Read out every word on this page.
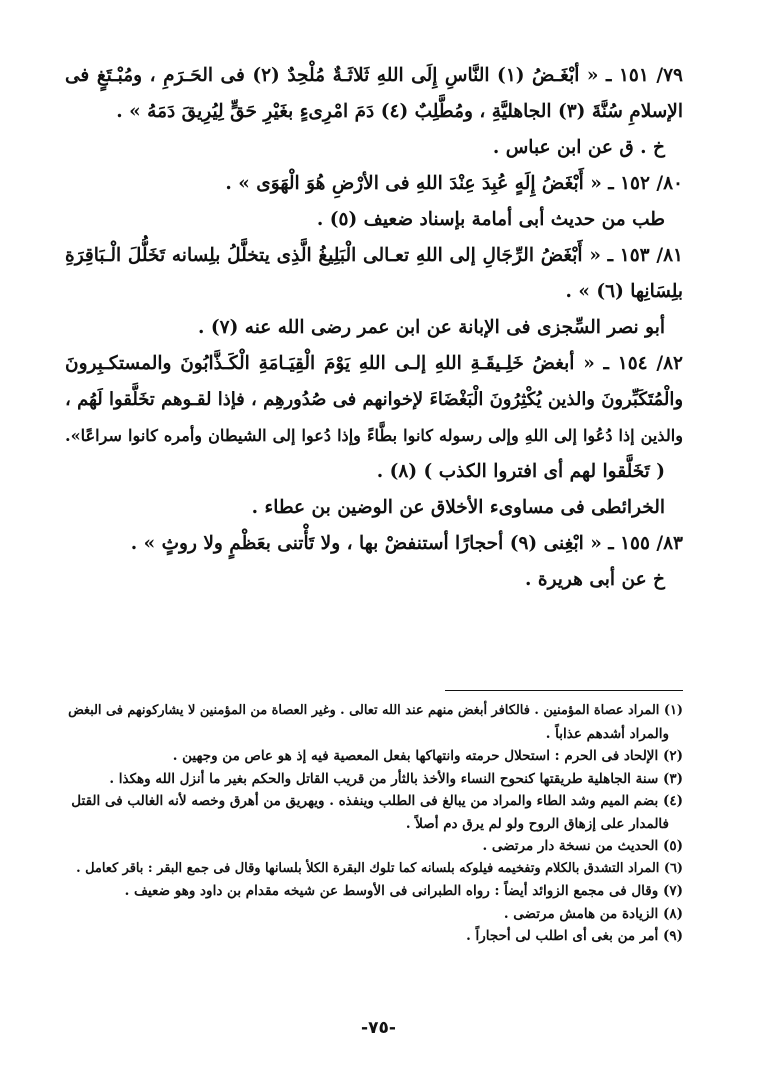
٧٩/ ١٥١ ـ « أبْغَـضُ (١) النَّاسِ إِلَى اللهِ ثَلاثَـةٌ مُلْحِدٌ (٢) فى الحَـرَمِ ، ومُبْـتَغٍ فى
الإسلامِ سُنَّةَ (٣) الجاهليَّةِ ، ومُطَّلِبٌ (٤) دَمَ امْرِىءٍ بغَيْرِ حَقٍّ لِيُرِيقَ دَمَهُ » .
خ . ق عن ابن عباس .
٨٠/ ١٥٢ ـ « أَبْغَضُ إِلَهٍ عُبِدَ عِنْدَ اللهِ فى الأرْضِ هُوَ الْهَوَى » .
طب من حديث أبى أمامة بإسناد ضعيف (٥) .
٨١/ ١٥٣ ـ « أَبْغَضُ الرِّجَالِ إلى اللهِ تعـالى الْبَلِيغُ الَّذِى يتخلَّلُ بلِسانه تَخَلُّلَ الْـبَاقِرَةِ
بلِسَانِها (٦) » .
أبو نصر السِّجزى فى الإبانة عن ابن عمر رضى الله عنه (٧) .
٨٢/ ١٥٤ ـ « أبغضُ خَلِـيقَـةِ اللهِ إلـى اللهِ يَوْمَ الْقِيَـامَةِ الْكَـذَّابُونَ والمستكـبِرونَ
والْمُتَكَبِّرونَ والذين يُكْثِرُونَ الْبَغْضَاءَ لإخوانهم فى صُدُورهِم ، فإذا لقـوهم تخَلَّقوا لَهُم ،
والذين إذا دُعُوا إلى اللهِ وإلى رسوله كانوا بطَّاءً وإذا دُعوا إلى الشيطان وأمره كانوا سراعًا».
( تَخَلَّقوا لهم أى افتروا الكذب ) (٨) .
الخرائطى فى مساوىء الأخلاق عن الوضين بن عطاء .
٨٣/ ١٥٥ ـ « ابْغِنى (٩) أحجارًا أستنفضْ بها ، ولا تَأْتنى بعَظْمٍ ولا روثٍ » .
خ عن أبى هريرة .
(١) المراد عصاة المؤمنين . فالكافر أبغض منهم عند الله تعالى . وغير العصاة من المؤمنين لا يشاركونهم فى البغض
والمراد أشدهم عذاباً .
(٢) الإلحاد فى الحرم : استحلال حرمته وانتهاكها بفعل المعصية فيه إذ هو عاص من وجهين .
(٣) سنة الجاهلية طريقتها كنحوح النساء والأخذ بالثأر من قريب القاتل والحكم بغير ما أنزل الله وهكذا .
(٤) بضم الميم وشد الطاء والمراد من يبالغ فى الطلب وينفذه . ويهريق من أهرق وخصه لأنه الغالب فى القتل
فالمدار على إزهاق الروح ولو لم يرق دم أصلاً .
(٥) الحديث من نسخة دار مرتضى .
(٦) المراد التشدق بالكلام وتفخيمه فيلوكه بلسانه كما تلوك البقرة الكلأ بلسانها وقال فى جمع البقر : باقر كعامل .
(٧) وقال فى مجمع الزوائد أيضاً : رواه الطبرانى فى الأوسط عن شيخه مقدام بن داود وهو ضعيف .
(٨) الزيادة من هامش مرتضى .
(٩) أمر من بغى أى اطلب لى أحجاراً .
-٧٥-
